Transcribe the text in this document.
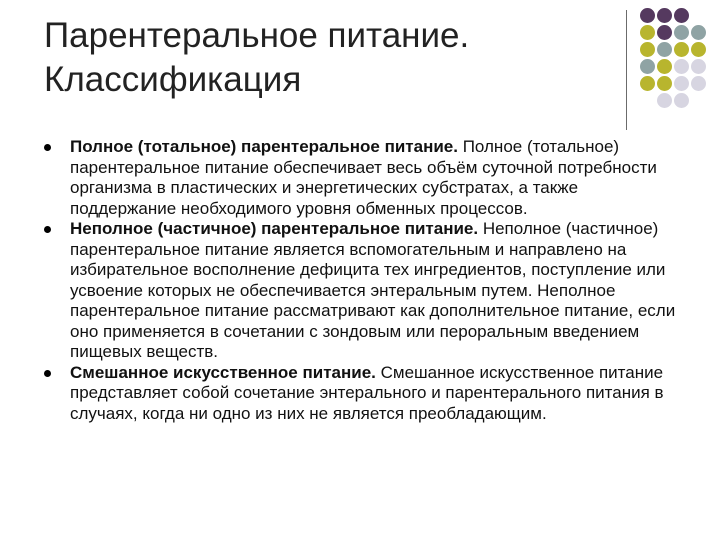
Парентеральное питание.
Классификация
Полное (тотальное) парентеральное питание. Полное (тотальное) парентеральное питание обеспечивает весь объём суточной потребности организма в пластических и энергетических субстратах, а также поддержание необходимого уровня обменных процессов.
Неполное (частичное) парентеральное питание. Неполное (частичное) парентеральное питание является вспомогательным и направлено на избирательное восполнение дефицита тех ингредиентов, поступление или усвоение которых не обеспечивается энтеральным путем. Неполное парентеральное питание рассматривают как дополнительное питание, если оно применяется в сочетании с зондовым или пероральным введением пищевых веществ.
Смешанное искусственное питание. Смешанное искусственное питание представляет собой сочетание энтерального и парентерального питания в случаях, когда ни одно из них не является преобладающим.
